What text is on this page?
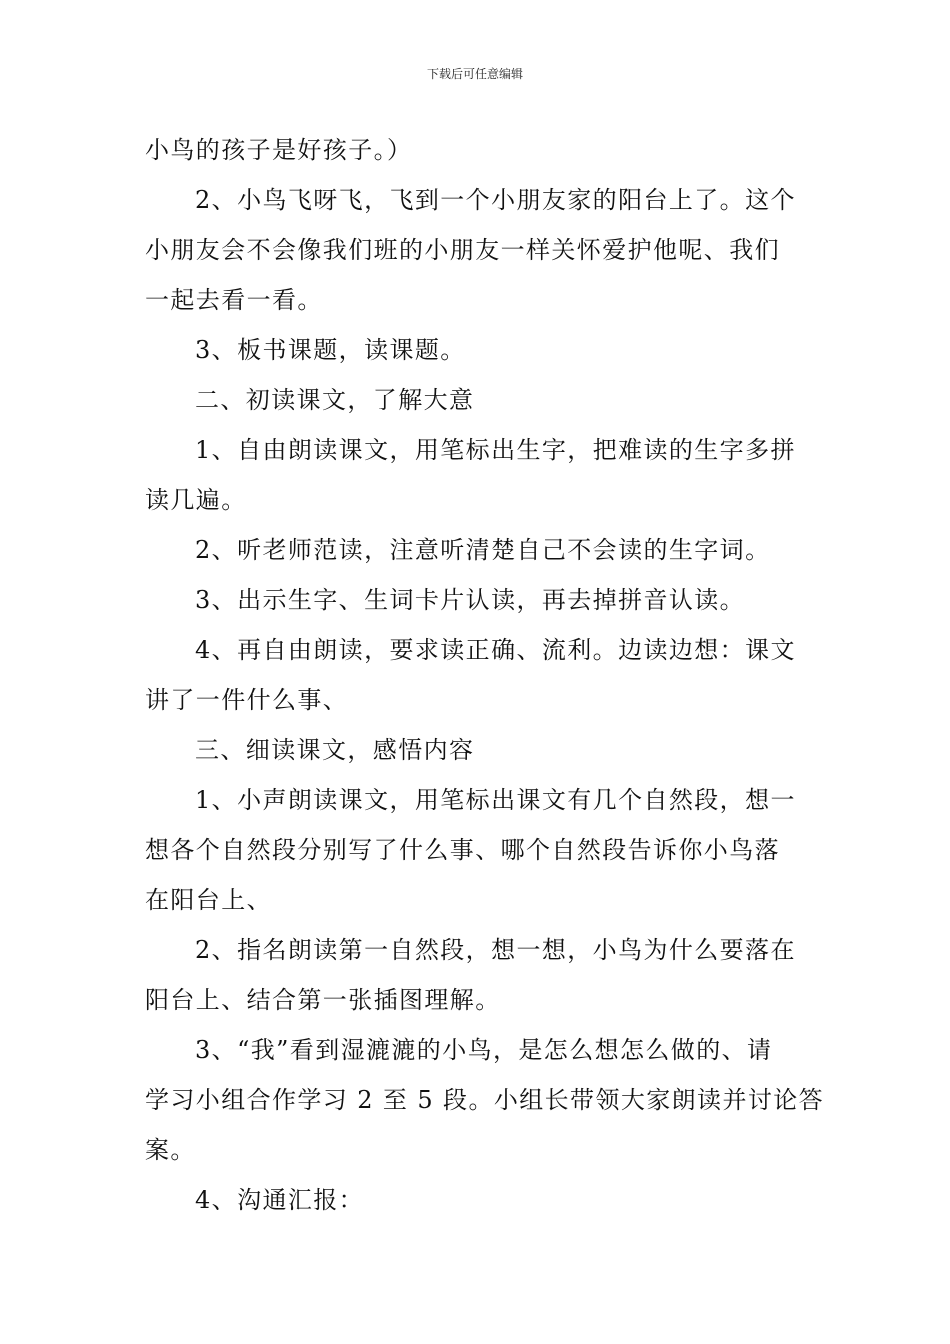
下载后可任意编辑
小鸟的孩子是好孩子。）
2、小鸟飞呀飞，飞到一个小朋友家的阳台上了。这个
小朋友会不会像我们班的小朋友一样关怀爱护他呢、我们
一起去看一看。
3、板书课题，读课题。
二、初读课文，了解大意
1、自由朗读课文，用笔标出生字，把难读的生字多拼
读几遍。
2、听老师范读，注意听清楚自己不会读的生字词。
3、出示生字、生词卡片认读，再去掉拼音认读。
4、再自由朗读，要求读正确、流利。边读边想：课文
讲了一件什么事、
三、细读课文，感悟内容
1、小声朗读课文，用笔标出课文有几个自然段，想一
想各个自然段分别写了什么事、哪个自然段告诉你小鸟落
在阳台上、
2、指名朗读第一自然段，想一想，小鸟为什么要落在
阳台上、结合第一张插图理解。
3、“我”看到湿漉漉的小鸟，是怎么想怎么做的、请
学习小组合作学习 2 至 5 段。小组长带领大家朗读并讨论答
案。
4、沟通汇报：
